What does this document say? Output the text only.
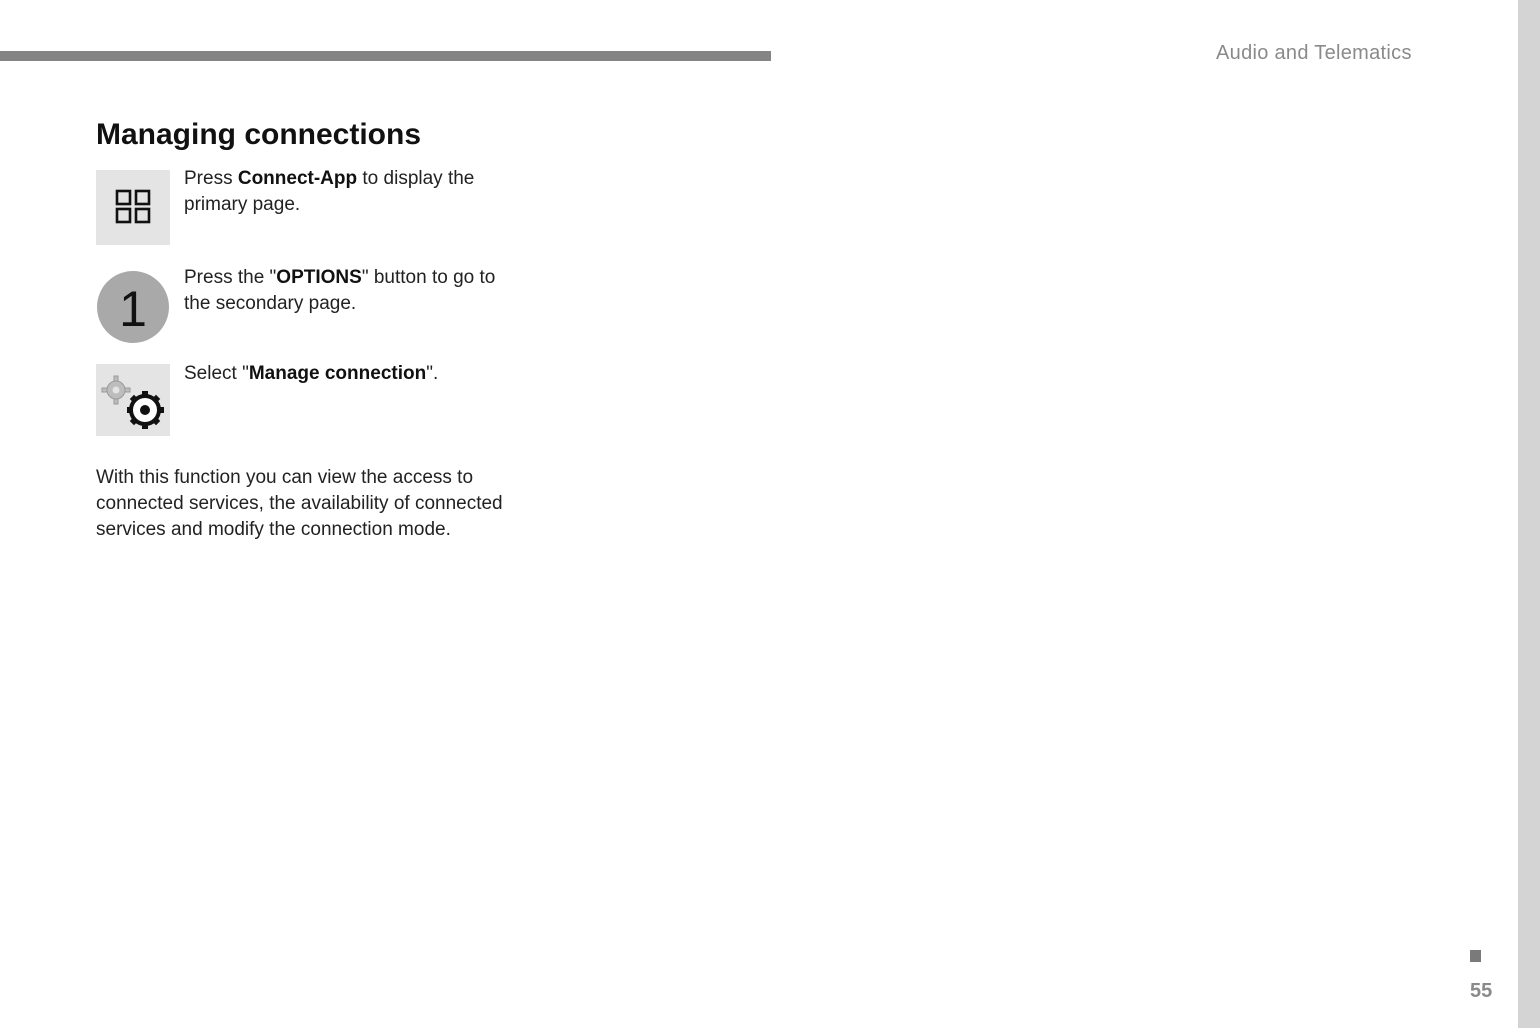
Audio and Telematics
Managing connections
Press Connect-App to display the
primary page.
1
Press the "OPTIONS" button to go to
the secondary page.
Select "Manage connection".

With this function you can view the access to connected services, the availability of connected services and modify the connection mode.

55
